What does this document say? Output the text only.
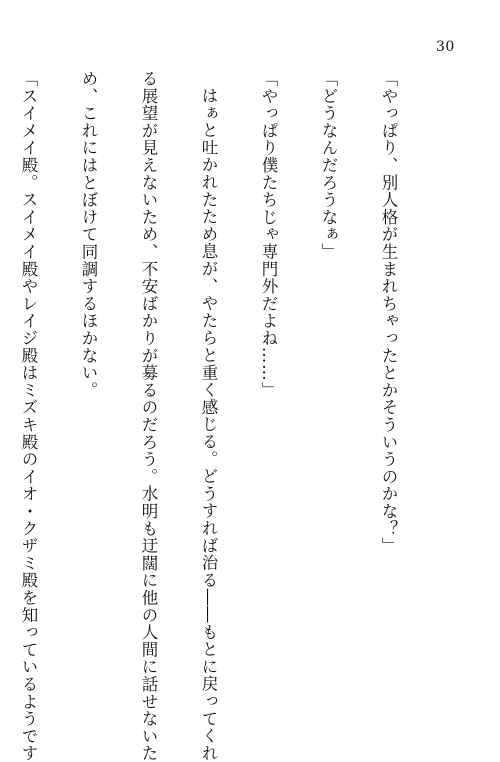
30

「やっぱり、別人格が生まれちゃったとかそういうのかな？」

「どうなんだろうなぁ」

「やっぱり僕たちじゃ専門外だよね……」

はぁと吐かれたため息が、やたらと重く感じる。どうすれば治る――もとに戻ってくれ

る展望が見えないため、不安ばかりが募るのだろう。水明も迂闊に他の人間に話せないた

め、これにはとぼけて同調するほかない。

「スイメイ殿。スイメイ殿やレイジ殿はミズキ殿のイオ・クザミ殿を知っているようです
